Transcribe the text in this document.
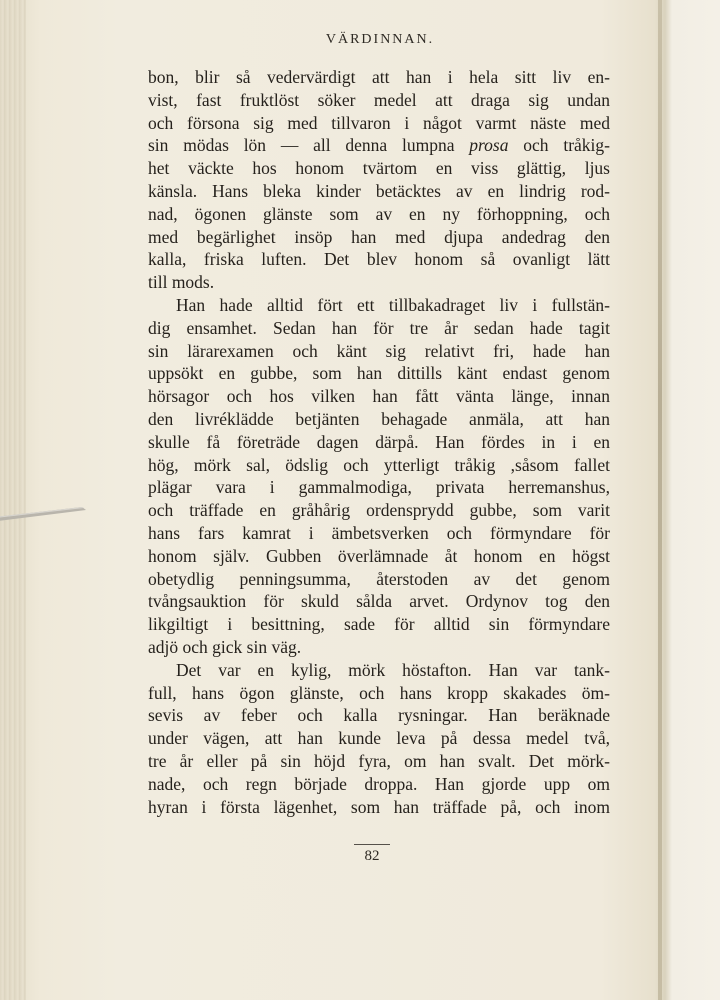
VÄRDINNAN.
bon, blir så vedervärdigt att han i hela sitt liv en-
vist, fast fruktlöst söker medel att draga sig undan
och försona sig med tillvaron i något varmt näste med
sin mödas lön — all denna lumpna prosa och tråkig-
het väckte hos honom tvärtom en viss glättig, ljus
känsla. Hans bleka kinder betäcktes av en lindrig rod-
nad, ögonen glänste som av en ny förhoppning, och
med begärlighet insöp han med djupa andedrag den
kalla, friska luften. Det blev honom så ovanligt lätt
till mods.
Han hade alltid fört ett tillbakadraget liv i fullstän-
dig ensamhet. Sedan han för tre år sedan hade tagit
sin lärarexamen och känt sig relativt fri, hade han
uppsökt en gubbe, som han dittills känt endast genom
hörsagor och hos vilken han fått vänta länge, innan
den livréklädde betjänten behagade anmäla, att han
skulle få företräde dagen därpå. Han fördes in i en
hög, mörk sal, ödslig och ytterligt tråkig ,såsom fallet
plägar vara i gammalmodiga, privata herremanshus,
och träffade en gråhårig ordensprydd gubbe, som varit
hans fars kamrat i ämbetsverken och förmyndare för
honom själv. Gubben överlämnade åt honom en högst
obetydlig penningsumma, återstoden av det genom
tvångsauktion för skuld sålda arvet. Ordynov tog den
likgiltigt i besittning, sade för alltid sin förmyndare
adjö och gick sin väg.
Det var en kylig, mörk höstafton. Han var tank-
full, hans ögon glänste, och hans kropp skakades öm-
sevis av feber och kalla rysningar. Han beräknade
under vägen, att han kunde leva på dessa medel två,
tre år eller på sin höjd fyra, om han svalt. Det mörk-
nade, och regn började droppa. Han gjorde upp om
hyran i första lägenhet, som han träffade på, och inom
82
